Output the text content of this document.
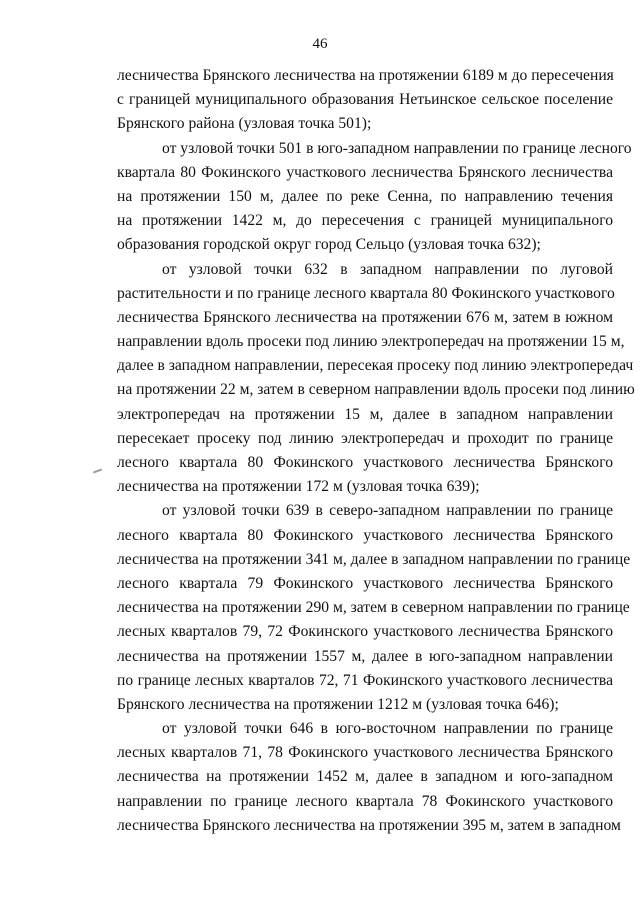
46
лесничества Брянского лесничества на протяжении 6189 м до пересечения
с границей муниципального образования Нетьинское сельское поселение
Брянского района (узловая точка 501);
от узловой точки 501 в юго-западном направлении по границе лесного
квартала 80 Фокинского участкового лесничества Брянского лесничества
на протяжении 150 м, далее по реке Сенна, по направлению течения
на протяжении 1422 м, до пересечения с границей муниципального
образования городской округ город Сельцо (узловая точка 632);
от узловой точки 632 в западном направлении по луговой
растительности и по границе лесного квартала 80 Фокинского участкового
лесничества Брянского лесничества на протяжении 676 м, затем в южном
направлении вдоль просеки под линию электропередач на протяжении 15 м,
далее в западном направлении, пересекая просеку под линию электропередач
на протяжении 22 м, затем в северном направлении вдоль просеки под линию
электропередач на протяжении 15 м, далее в западном направлении
пересекает просеку под линию электропередач и проходит по границе
лесного квартала 80 Фокинского участкового лесничества Брянского
лесничества на протяжении 172 м (узловая точка 639);
от узловой точки 639 в северо-западном направлении по границе
лесного квартала 80 Фокинского участкового лесничества Брянского
лесничества на протяжении 341 м, далее в западном направлении по границе
лесного квартала 79 Фокинского участкового лесничества Брянского
лесничества на протяжении 290 м, затем в северном направлении по границе
лесных кварталов 79, 72 Фокинского участкового лесничества Брянского
лесничества на протяжении 1557 м, далее в юго-западном направлении
по границе лесных кварталов 72, 71 Фокинского участкового лесничества
Брянского лесничества на протяжении 1212 м (узловая точка 646);
от узловой точки 646 в юго-восточном направлении по границе
лесных кварталов 71, 78 Фокинского участкового лесничества Брянского
лесничества на протяжении 1452 м, далее в западном и юго-западном
направлении по границе лесного квартала 78 Фокинского участкового
лесничества Брянского лесничества на протяжении 395 м, затем в западном
